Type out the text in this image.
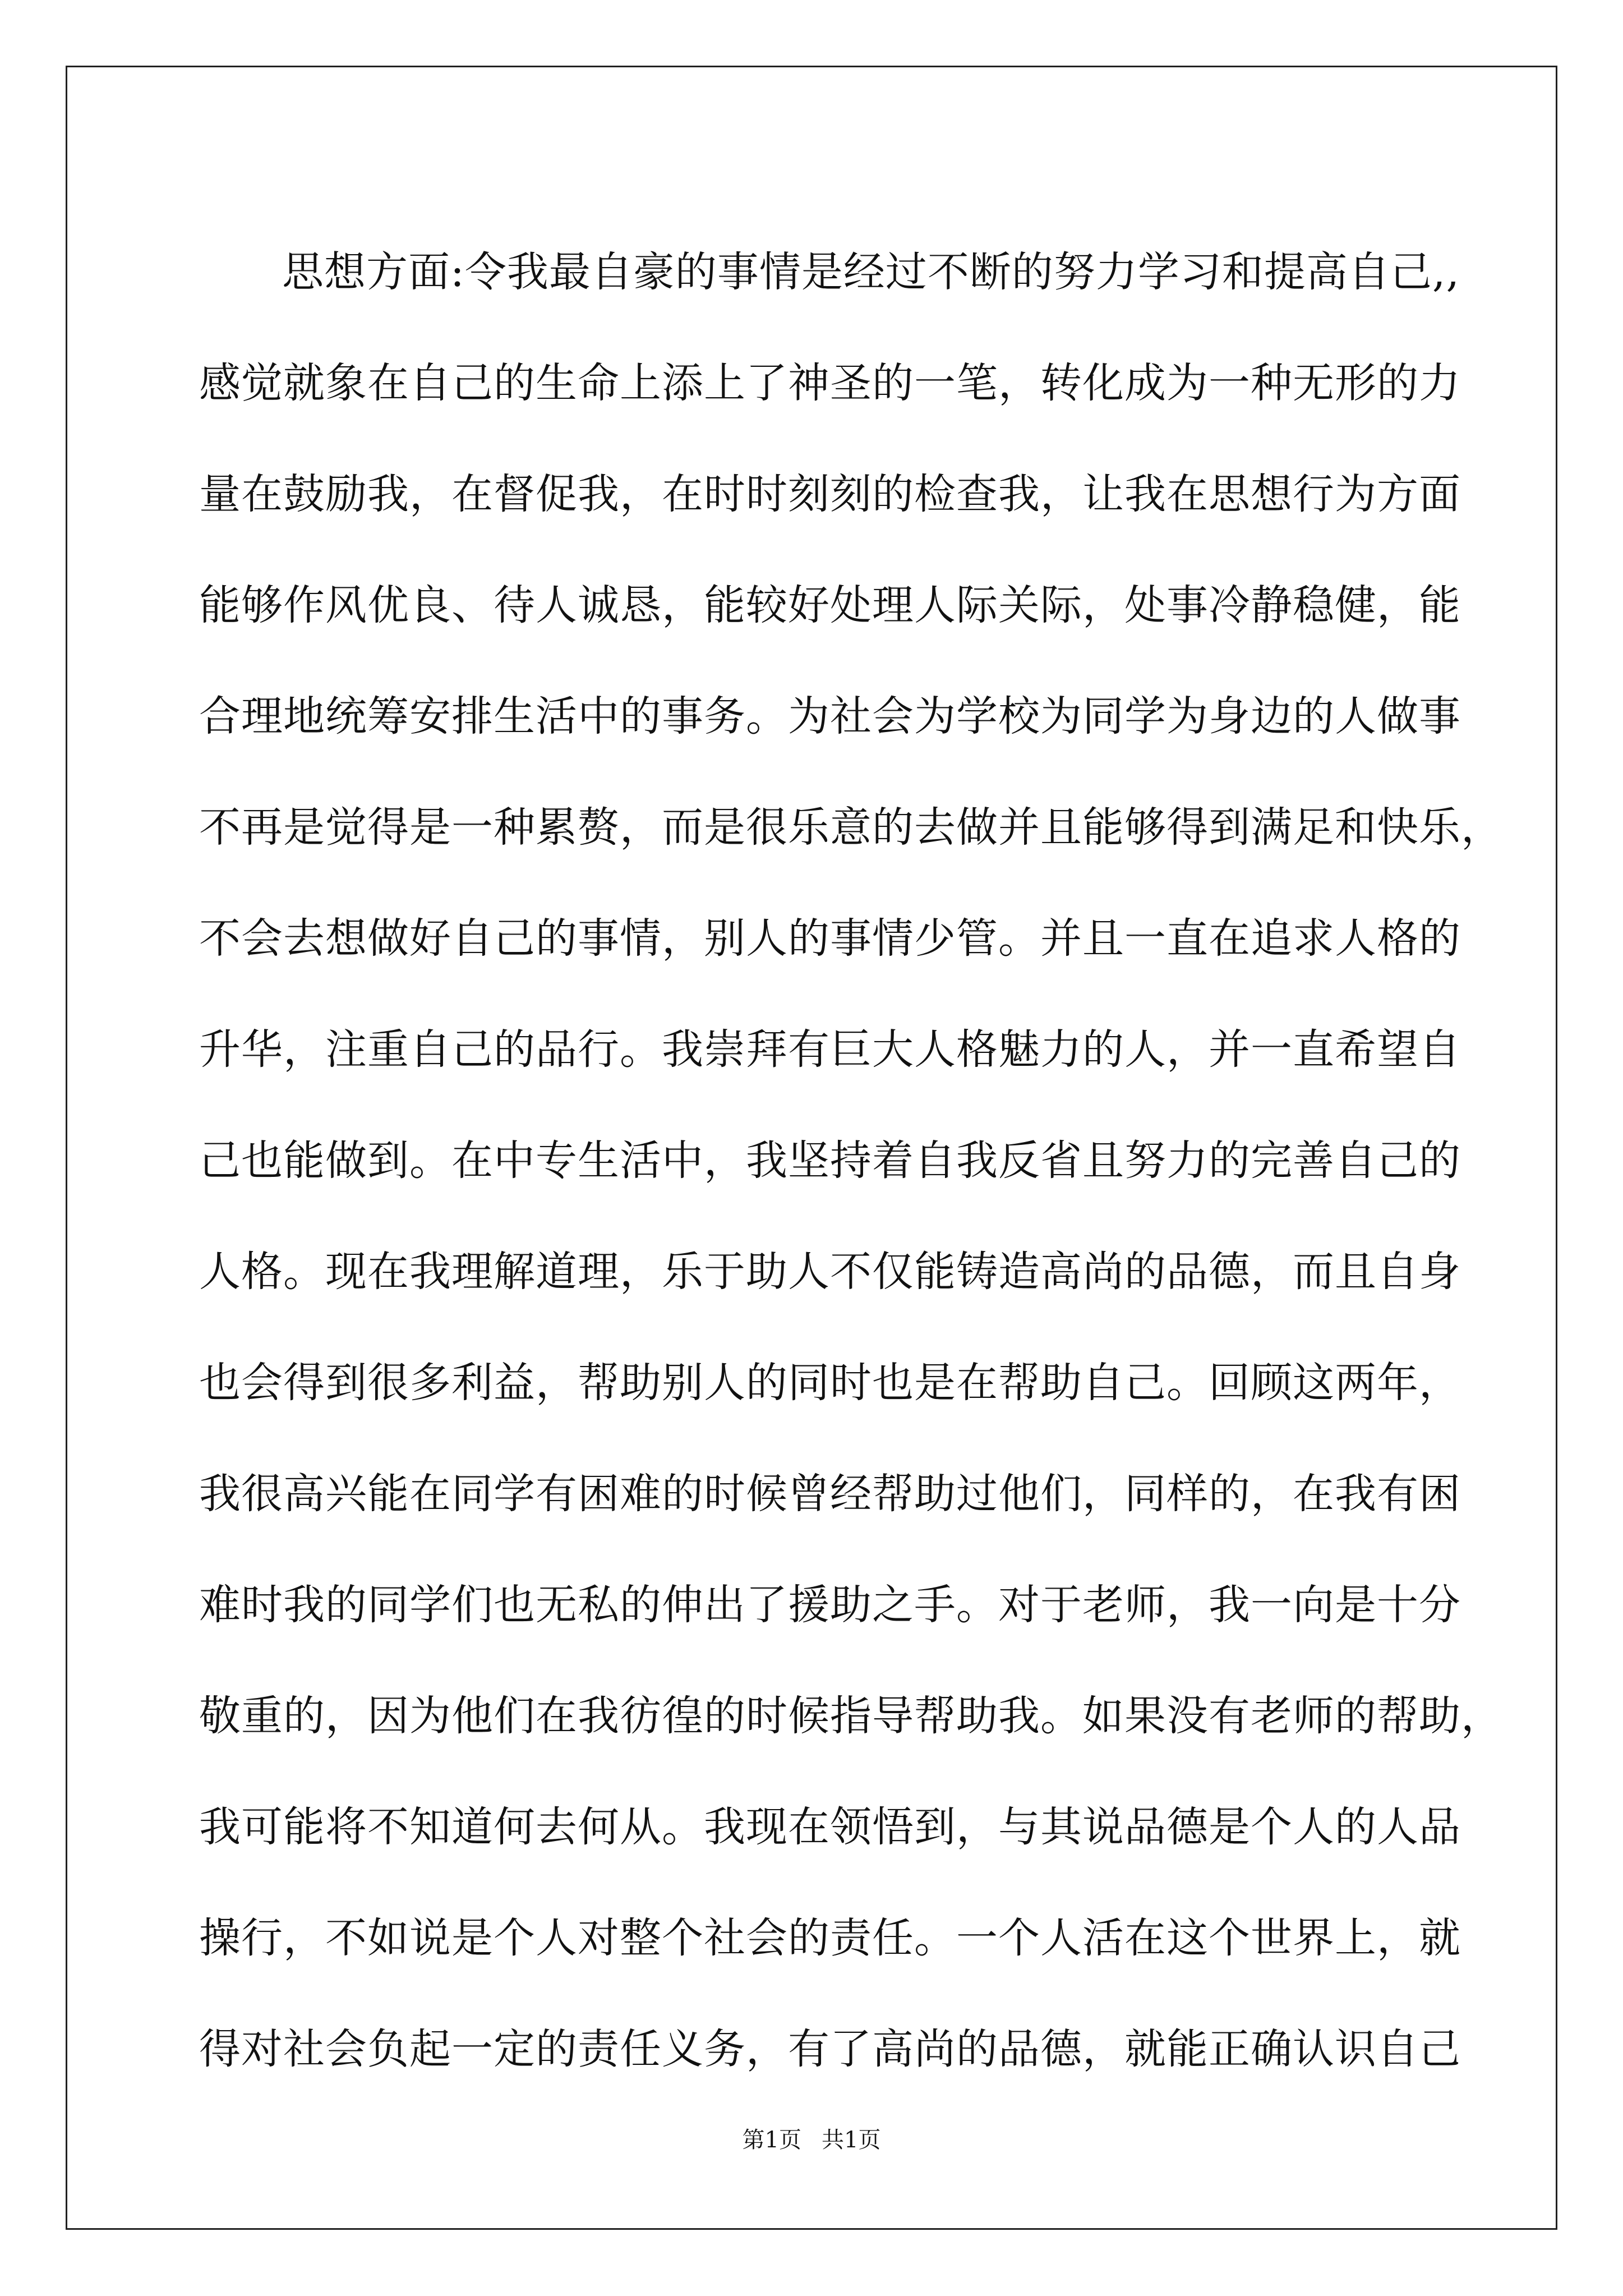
思想方面:令我最自豪的事情是经过不断的努力学习和提高自己,,
感觉就象在自己的生命上添上了神圣的一笔，转化成为一种无形的力
量在鼓励我，在督促我，在时时刻刻的检查我，让我在思想行为方面
能够作风优良、待人诚恳，能较好处理人际关际，处事冷静稳健，能
合理地统筹安排生活中的事务。为社会为学校为同学为身边的人做事
不再是觉得是一种累赘，而是很乐意的去做并且能够得到满足和快乐，
不会去想做好自己的事情，别人的事情少管。并且一直在追求人格的
升华，注重自己的品行。我崇拜有巨大人格魅力的人，并一直希望自
己也能做到。在中专生活中，我坚持着自我反省且努力的完善自己的
人格。现在我理解道理，乐于助人不仅能铸造高尚的品德，而且自身
也会得到很多利益，帮助别人的同时也是在帮助自己。回顾这两年，
我很高兴能在同学有困难的时候曾经帮助过他们，同样的，在我有困
难时我的同学们也无私的伸出了援助之手。对于老师，我一向是十分
敬重的，因为他们在我彷徨的时候指导帮助我。如果没有老师的帮助，
我可能将不知道何去何从。我现在领悟到，与其说品德是个人的人品
操行，不如说是个人对整个社会的责任。一个人活在这个世界上，就
得对社会负起一定的责任义务，有了高尚的品德，就能正确认识自己
第1页 共1页
